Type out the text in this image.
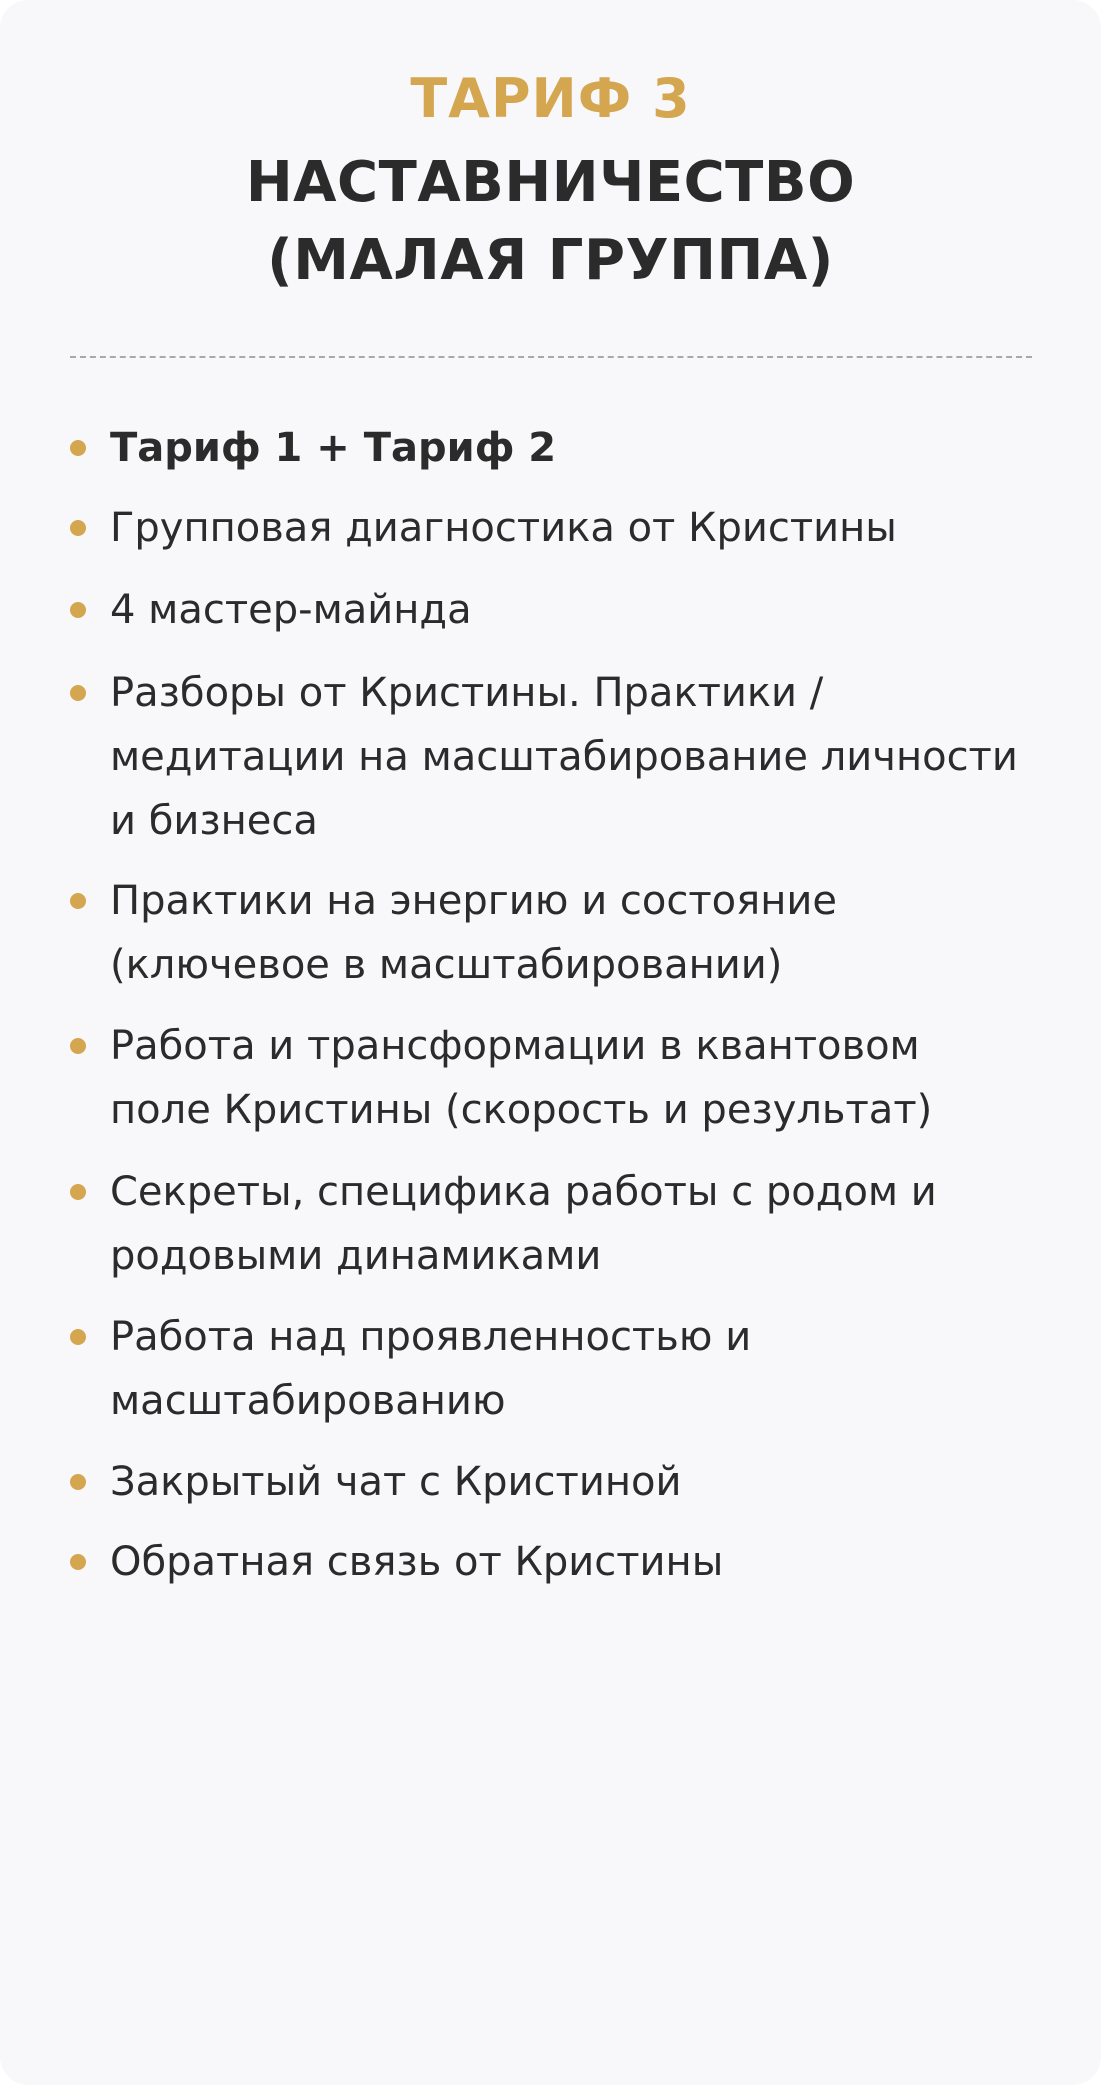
ТАРИФ 3
НАСТАВНИЧЕСТВО
(МАЛАЯ ГРУППА)
Тариф 1 + Тариф 2
Групповая диагностика от Кристины
4 мастер-майнда
Разборы от Кристины. Практики / медитации на масштабирование личности и бизнеса
Практики на энергию и состояние (ключевое в масштабировании)
Работа и трансформации в квантовом поле Кристины (скорость и результат)
Секреты, специфика работы с родом и родовыми динамиками
Работа над проявленностью и масштабированию
Закрытый чат с Кристиной
Обратная связь от Кристины
